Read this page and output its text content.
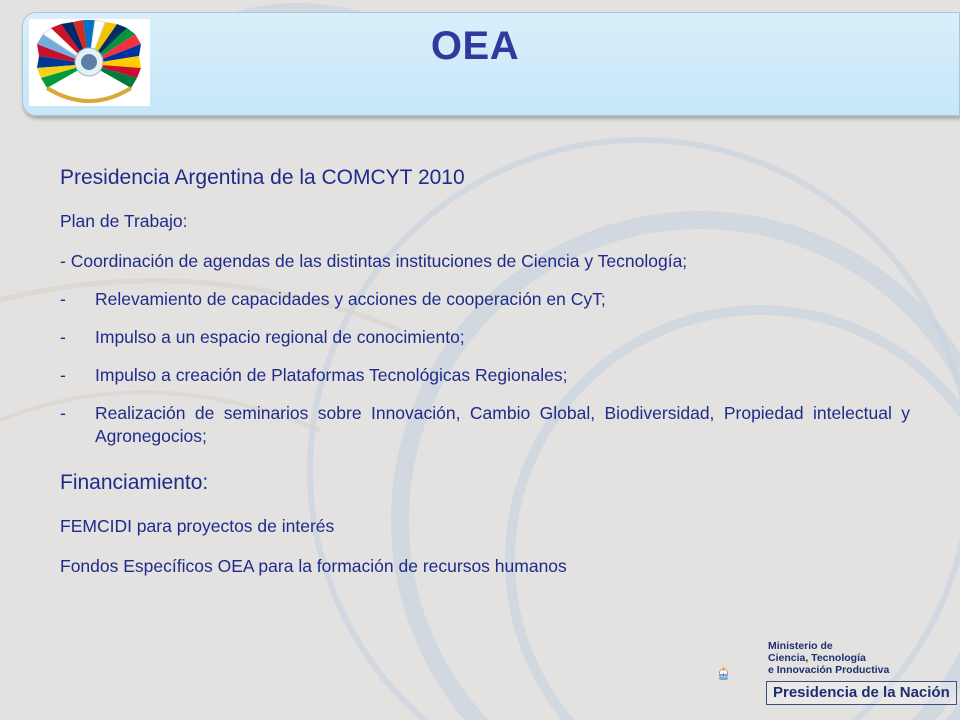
OEA
Presidencia Argentina de la COMCYT 2010
Plan de Trabajo:
- Coordinación de agendas de las distintas instituciones de Ciencia y Tecnología;
- Relevamiento de capacidades y acciones de cooperación en CyT;
- Impulso a un espacio regional de conocimiento;
- Impulso a creación de Plataformas Tecnológicas Regionales;
- Realización de seminarios sobre Innovación, Cambio Global, Biodiversidad, Propiedad intelectual y Agronegocios;
Financiamiento:
FEMCIDI para proyectos de interés
Fondos Específicos OEA para la formación de recursos humanos
Ministerio de
Ciencia, Tecnología
e Innovación Productiva
Presidencia de la Nación
